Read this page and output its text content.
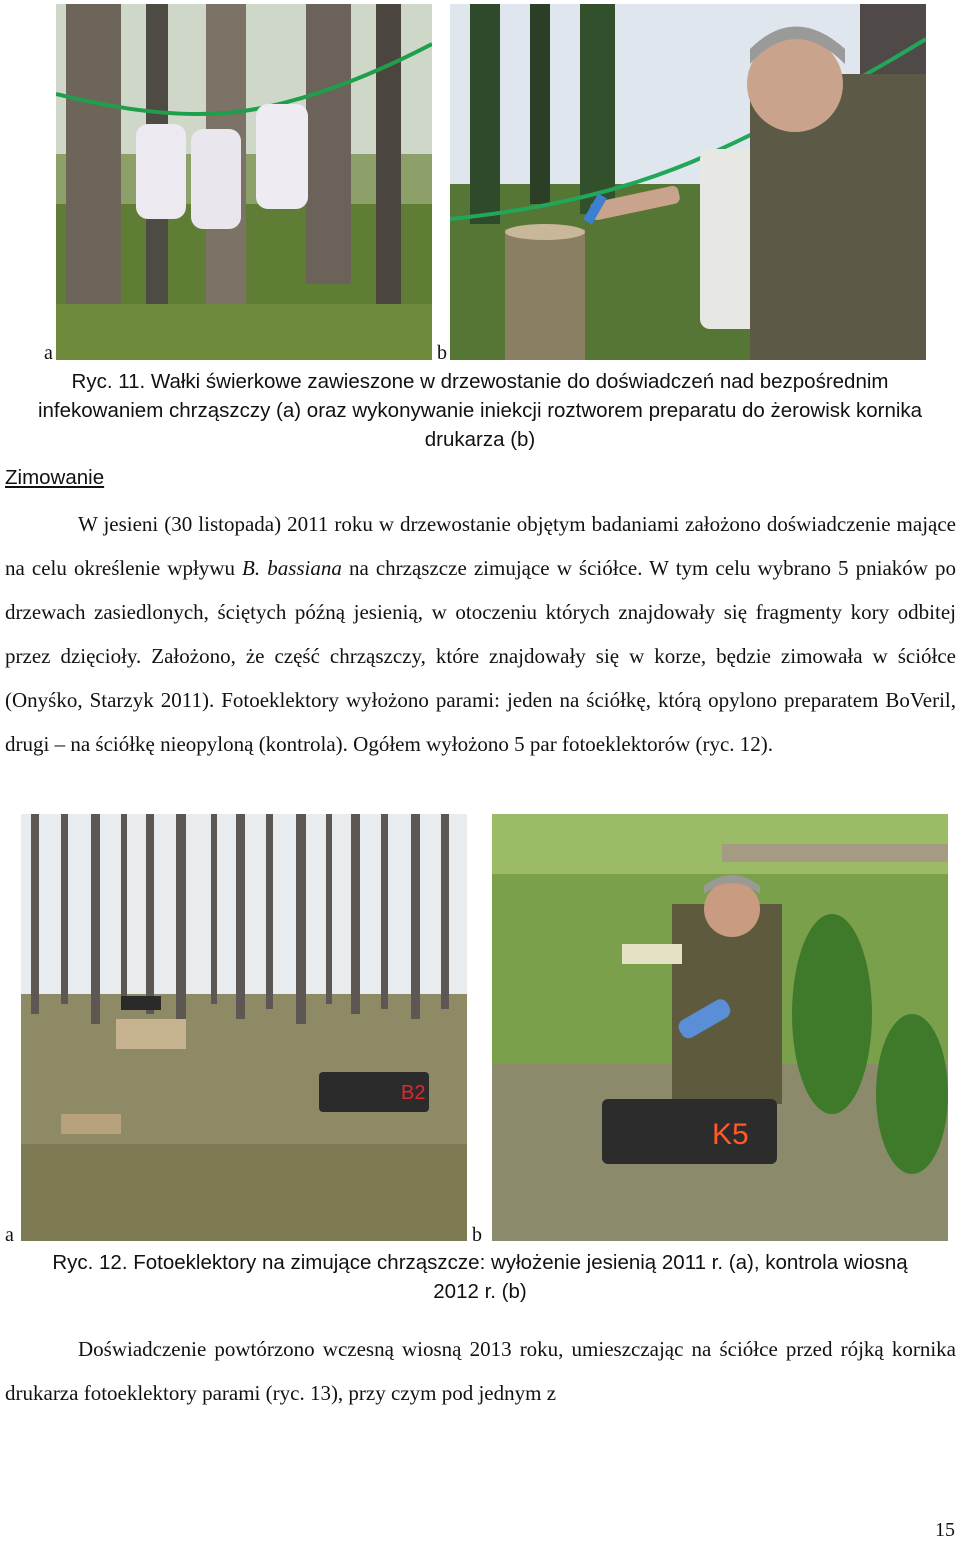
a	b
Ryc. 11. Wałki świerkowe zawieszone w drzewostanie do doświadczeń nad bezpośrednim infekowaniem chrząszczy (a) oraz wykonywanie iniekcji roztworem preparatu do żerowisk kornika drukarza (b)
Zimowanie
W jesieni (30 listopada) 2011 roku w drzewostanie objętym badaniami założono doświadczenie mające na celu określenie wpływu B. bassiana na chrząszcze zimujące w ściółce. W tym celu wybrano 5 pniaków po drzewach zasiedlonych, ściętych późną jesienią, w otoczeniu których znajdowały się fragmenty kory odbitej przez dzięcioły. Założono, że część chrząszczy, które znajdowały się w korze, będzie zimowała w ściółce (Onyśko, Starzyk 2011). Fotoeklektory wyłożono parami: jeden na ściółkę, którą opylono preparatem BoVeril, drugi – na ściółkę nieopyloną (kontrola). Ogółem wyłożono 5 par fotoeklektorów (ryc. 12).
B2
K5
a	b
Ryc. 12. Fotoeklektory na zimujące chrząszcze: wyłożenie jesienią 2011 r. (a), kontrola wiosną 2012 r. (b)
Doświadczenie powtórzono wczesną wiosną 2013 roku, umieszczając na ściółce przed rójką kornika drukarza fotoeklektory parami (ryc. 13), przy czym pod jednym z
15
